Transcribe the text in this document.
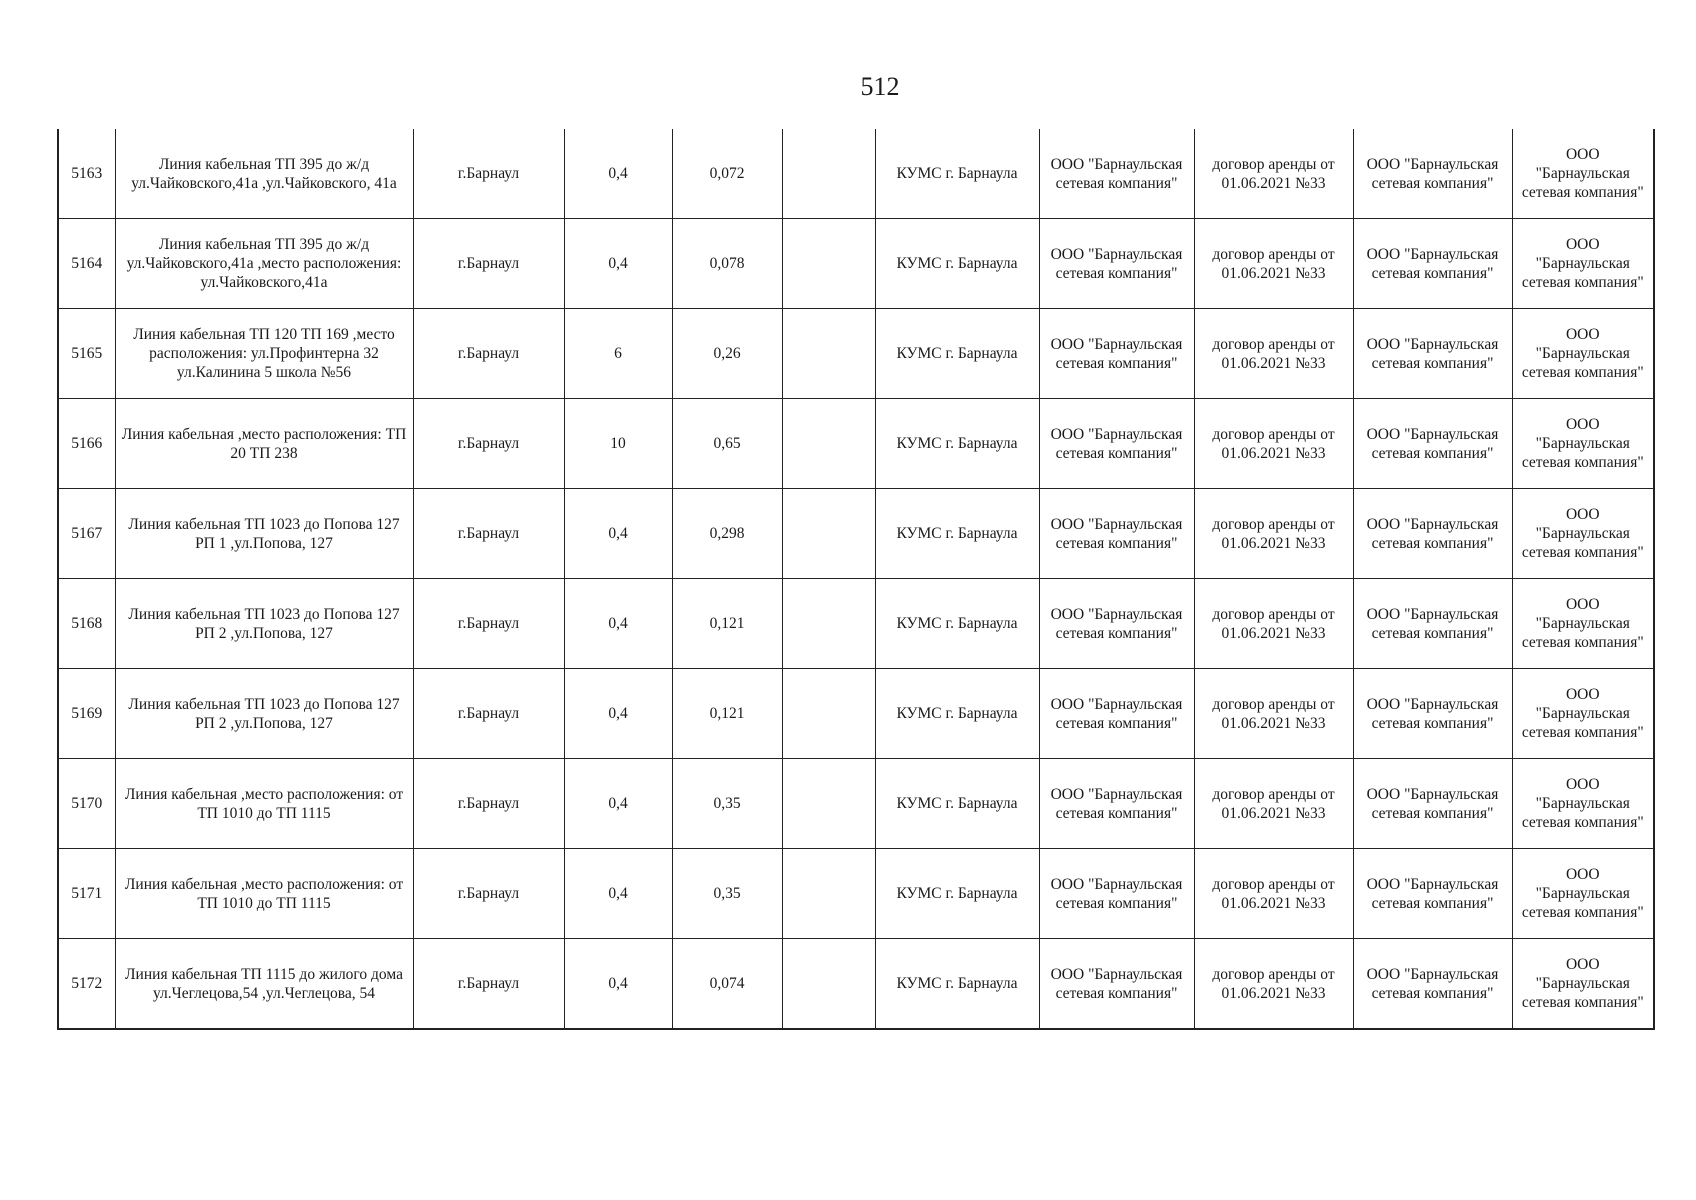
512
5163	Линия кабельная ТП 395 до ж/д ул.Чайковского,41а ,ул.Чайковского, 41а	г.Барнаул	0,4	0,072		КУМС г. Барнаула	ООО "Барнаульская сетевая компания"	договор аренды от 01.06.2021 №33	ООО "Барнаульская сетевая компания"	ООО "Барнаульская сетевая компания"
5164	Линия кабельная ТП 395 до ж/д ул.Чайковского,41а ,место расположения: ул.Чайковского,41а	г.Барнаул	0,4	0,078		КУМС г. Барнаула	ООО "Барнаульская сетевая компания"	договор аренды от 01.06.2021 №33	ООО "Барнаульская сетевая компания"	ООО "Барнаульская сетевая компания"
5165	Линия кабельная ТП 120 ТП 169 ,место расположения: ул.Профинтерна 32 ул.Калинина 5 школа №56	г.Барнаул	6	0,26		КУМС г. Барнаула	ООО "Барнаульская сетевая компания"	договор аренды от 01.06.2021 №33	ООО "Барнаульская сетевая компания"	ООО "Барнаульская сетевая компания"
5166	Линия кабельная ,место расположения: ТП 20 ТП 238	г.Барнаул	10	0,65		КУМС г. Барнаула	ООО "Барнаульская сетевая компания"	договор аренды от 01.06.2021 №33	ООО "Барнаульская сетевая компания"	ООО "Барнаульская сетевая компания"
5167	Линия кабельная ТП 1023 до Попова 127 РП 1 ,ул.Попова, 127	г.Барнаул	0,4	0,298		КУМС г. Барнаула	ООО "Барнаульская сетевая компания"	договор аренды от 01.06.2021 №33	ООО "Барнаульская сетевая компания"	ООО "Барнаульская сетевая компания"
5168	Линия кабельная ТП 1023 до Попова 127 РП 2 ,ул.Попова, 127	г.Барнаул	0,4	0,121		КУМС г. Барнаула	ООО "Барнаульская сетевая компания"	договор аренды от 01.06.2021 №33	ООО "Барнаульская сетевая компания"	ООО "Барнаульская сетевая компания"
5169	Линия кабельная ТП 1023 до Попова 127 РП 2 ,ул.Попова, 127	г.Барнаул	0,4	0,121		КУМС г. Барнаула	ООО "Барнаульская сетевая компания"	договор аренды от 01.06.2021 №33	ООО "Барнаульская сетевая компания"	ООО "Барнаульская сетевая компания"
5170	Линия кабельная ,место расположения: от ТП 1010 до ТП 1115	г.Барнаул	0,4	0,35		КУМС г. Барнаула	ООО "Барнаульская сетевая компания"	договор аренды от 01.06.2021 №33	ООО "Барнаульская сетевая компания"	ООО "Барнаульская сетевая компания"
5171	Линия кабельная ,место расположения: от ТП 1010 до ТП 1115	г.Барнаул	0,4	0,35		КУМС г. Барнаула	ООО "Барнаульская сетевая компания"	договор аренды от 01.06.2021 №33	ООО "Барнаульская сетевая компания"	ООО "Барнаульская сетевая компания"
5172	Линия кабельная ТП 1115 до жилого дома ул.Чеглецова,54 ,ул.Чеглецова, 54	г.Барнаул	0,4	0,074		КУМС г. Барнаула	ООО "Барнаульская сетевая компания"	договор аренды от 01.06.2021 №33	ООО "Барнаульская сетевая компания"	ООО "Барнаульская сетевая компания"
